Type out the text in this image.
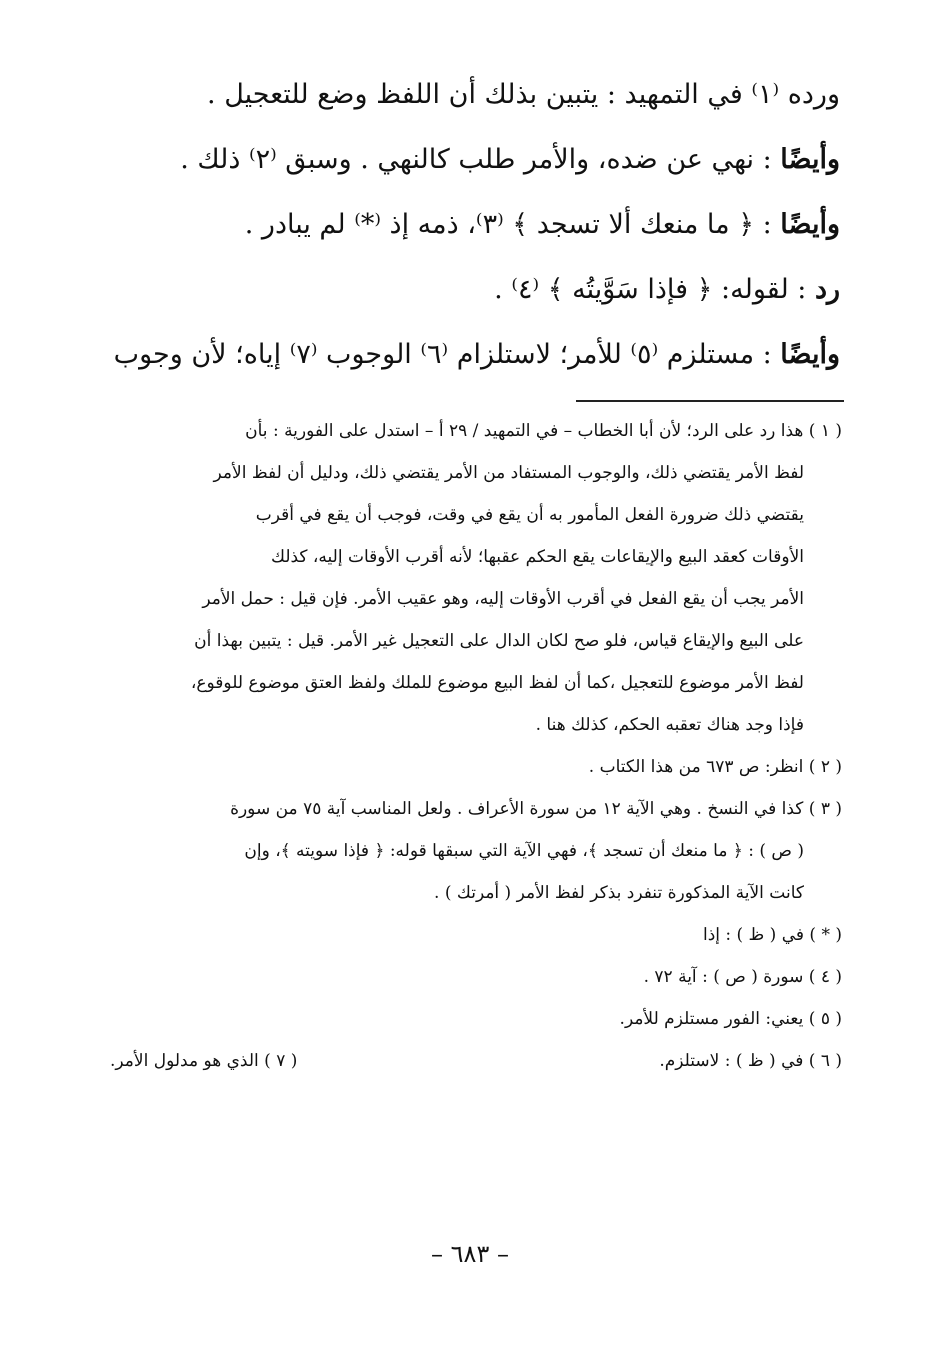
ورده ⁽١⁾ في التمهيد : يتبين بذلك أن اللفظ وضع للتعجيل .
وأيضًا : نهي عن ضده، والأمر طلب كالنهي . وسبق ⁽٢⁾ ذلك .
وأيضًا : ﴿ ما منعك ألا تسجد ﴾ ⁽٣⁾، ذمه إذ ⁽*⁾ لم يبادر .
رد : لقوله: ﴿ فإذا سَوَّيتُه ﴾ ⁽٤⁾ .
وأيضًا : مستلزم ⁽٥⁾ للأمر؛ لاستلزام ⁽٦⁾ الوجوب ⁽٧⁾ إياه؛ لأن وجوب
( ١ ) هذا رد على الرد؛ لأن أبا الخطاب – في التمهيد / ٢٩ أ – استدل على الفورية : بأن
لفظ الأمر يقتضي ذلك، والوجوب المستفاد من الأمر يقتضي ذلك، ودليل أن لفظ الأمر
يقتضي ذلك ضرورة الفعل المأمور به أن يقع في وقت، فوجب أن يقع في أقرب
الأوقات كعقد البيع والإيقاعات يقع الحكم عقبها؛ لأنه أقرب الأوقات إليه، كذلك
الأمر يجب أن يقع الفعل في أقرب الأوقات إليه، وهو عقيب الأمر. فإن قيل : حمل الأمر
على البيع والإيقاع قياس، فلو صح لكان الدال على التعجيل غير الأمر. قيل : يتبين بهذا أن
لفظ الأمر موضوع للتعجيل ،كما أن لفظ البيع موضوع للملك ولفظ العتق موضوع للوقوع،
فإذا وجد هناك تعقبه الحكم، كذلك هنا .
( ٢ ) انظر: ص ٦٧٣ من هذا الكتاب .
( ٣ ) كذا في النسخ . وهي الآية ١٢ من سورة الأعراف . ولعل المناسب آية ٧٥ من سورة
( ص ) : ﴿ ما منعك أن تسجد ﴾، فهي الآية التي سبقها قوله: ﴿ فإذا سويته ﴾، وإن
كانت الآية المذكورة تنفرد بذكر لفظ الأمر ( أمرتك ) .
( * ) في ( ظ ) : إذا
( ٤ ) سورة ( ص ) : آية ٧٢ .
( ٥ ) يعني: الفور مستلزم للأمر.
( ٦ ) في ( ظ ) : لاستلزم.
( ٧ ) الذي هو مدلول الأمر.
– ٦٨٣ –
